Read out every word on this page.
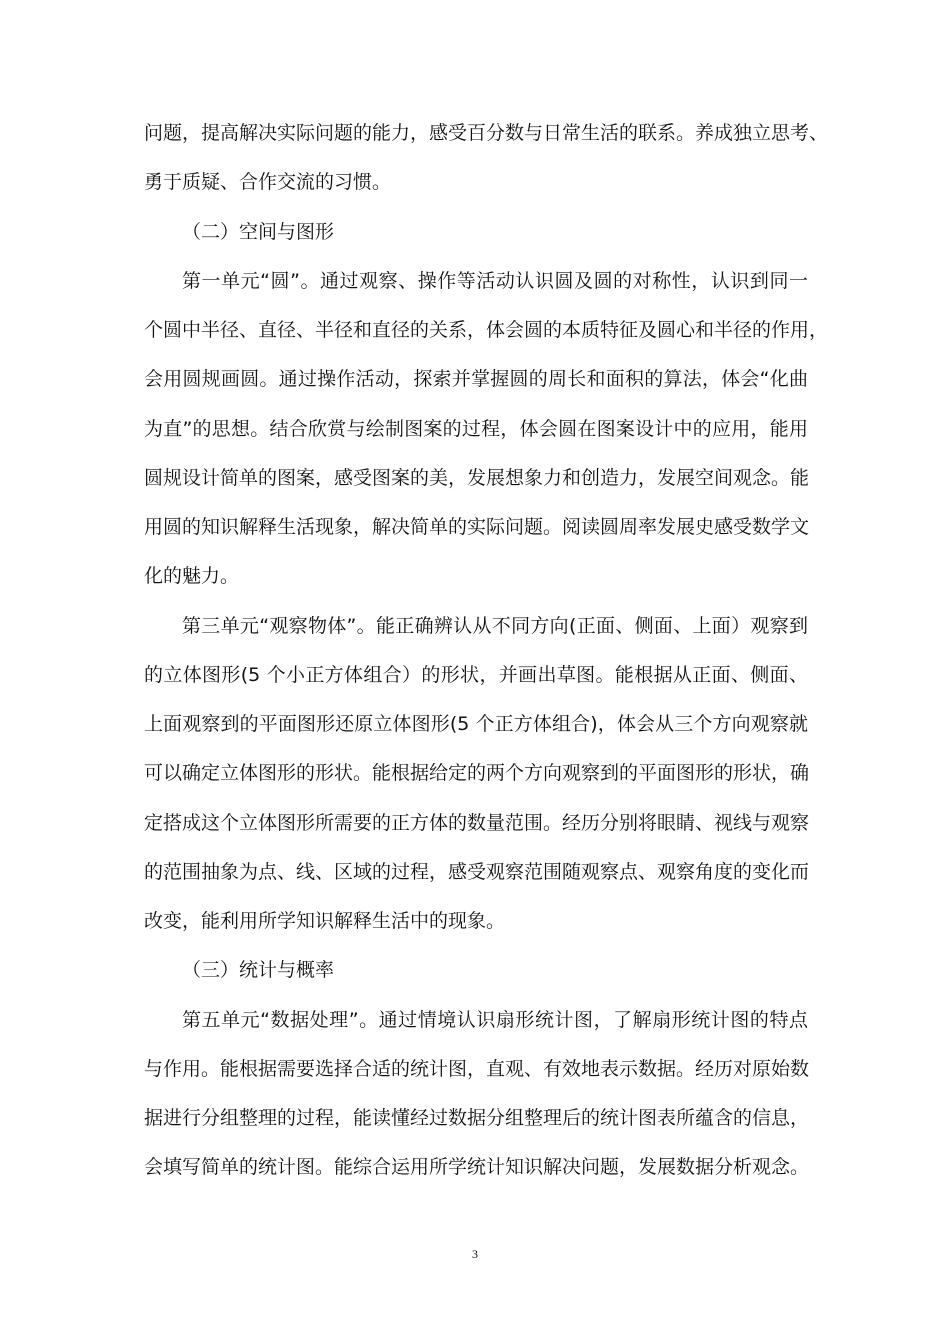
问题，提高解决实际问题的能力，感受百分数与日常生活的联系。养成独立思考、
勇于质疑、合作交流的习惯。
（二）空间与图形
第一单元“圆”。通过观察、操作等活动认识圆及圆的对称性，认识到同一
个圆中半径、直径、半径和直径的关系，体会圆的本质特征及圆心和半径的作用，
会用圆规画圆。通过操作活动，探索并掌握圆的周长和面积的算法，体会“化曲
为直”的思想。结合欣赏与绘制图案的过程，体会圆在图案设计中的应用，能用
圆规设计简单的图案，感受图案的美，发展想象力和创造力，发展空间观念。能
用圆的知识解释生活现象，解决简单的实际问题。阅读圆周率发展史感受数学文
化的魅力。
第三单元“观察物体”。能正确辨认从不同方向(正面、侧面、上面）观察到
的立体图形(5 个小正方体组合）的形状，并画出草图。能根据从正面、侧面、
上面观察到的平面图形还原立体图形(5 个正方体组合)，体会从三个方向观察就
可以确定立体图形的形状。能根据给定的两个方向观察到的平面图形的形状，确
定搭成这个立体图形所需要的正方体的数量范围。经历分别将眼睛、视线与观察
的范围抽象为点、线、区域的过程，感受观察范围随观察点、观察角度的变化而
改变，能利用所学知识解释生活中的现象。
（三）统计与概率
第五单元“数据处理”。通过情境认识扇形统计图，了解扇形统计图的特点
与作用。能根据需要选择合适的统计图，直观、有效地表示数据。经历对原始数
据进行分组整理的过程，能读懂经过数据分组整理后的统计图表所蕴含的信息，
会填写简单的统计图。能综合运用所学统计知识解决问题，发展数据分析观念。
3
